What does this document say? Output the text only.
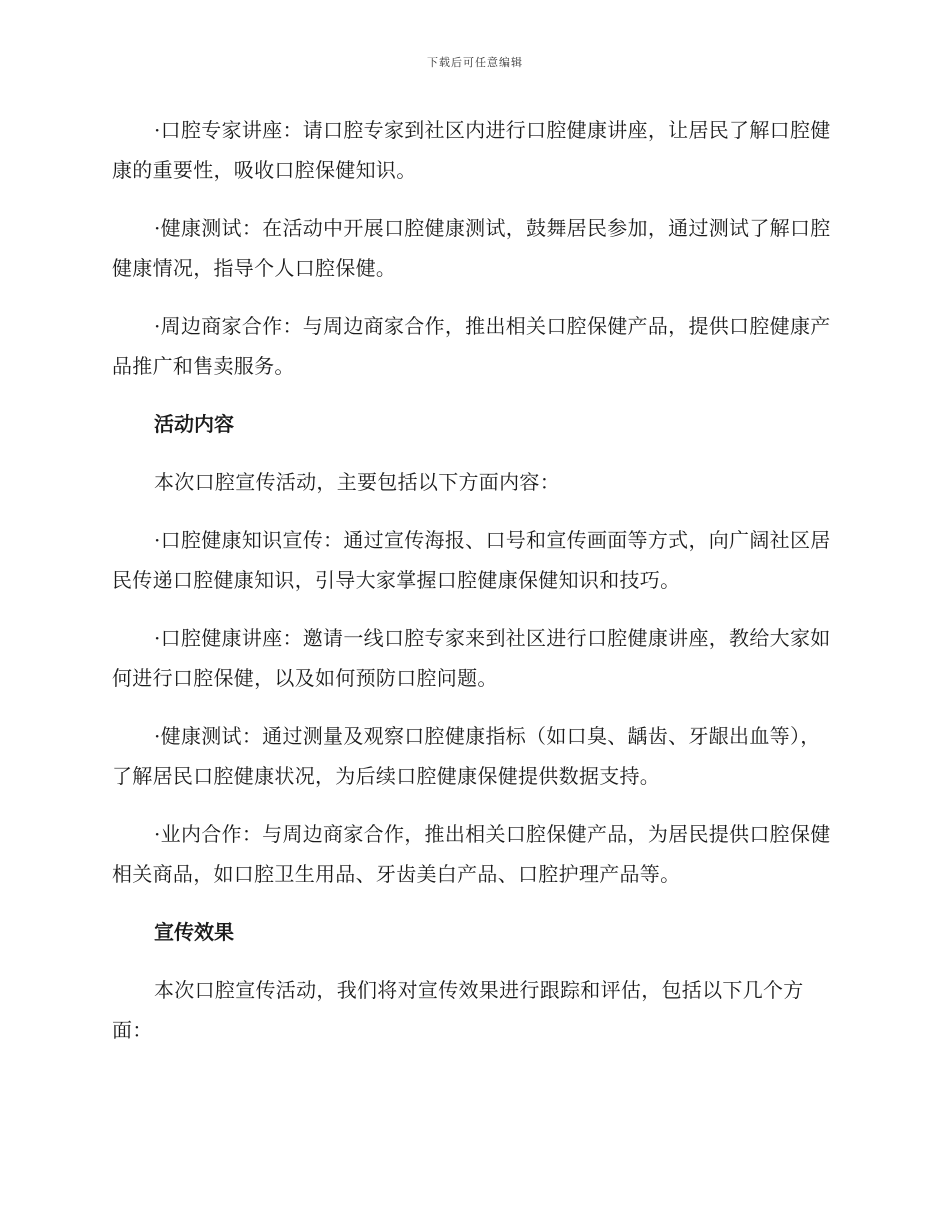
下载后可任意编辑

·口腔专家讲座：请口腔专家到社区内进行口腔健康讲座，让居民了解口腔健康的重要性，吸收口腔保健知识。

·健康测试：在活动中开展口腔健康测试，鼓舞居民参加，通过测试了解口腔健康情况，指导个人口腔保健。

·周边商家合作：与周边商家合作，推出相关口腔保健产品，提供口腔健康产品推广和售卖服务。

活动内容

本次口腔宣传活动，主要包括以下方面内容：

·口腔健康知识宣传：通过宣传海报、口号和宣传画面等方式，向广阔社区居民传递口腔健康知识，引导大家掌握口腔健康保健知识和技巧。

·口腔健康讲座：邀请一线口腔专家来到社区进行口腔健康讲座，教给大家如何进行口腔保健，以及如何预防口腔问题。

·健康测试：通过测量及观察口腔健康指标（如口臭、龋齿、牙龈出血等），了解居民口腔健康状况，为后续口腔健康保健提供数据支持。

·业内合作：与周边商家合作，推出相关口腔保健产品，为居民提供口腔保健相关商品，如口腔卫生用品、牙齿美白产品、口腔护理产品等。

宣传效果

本次口腔宣传活动，我们将对宣传效果进行跟踪和评估，包括以下几个方面：
